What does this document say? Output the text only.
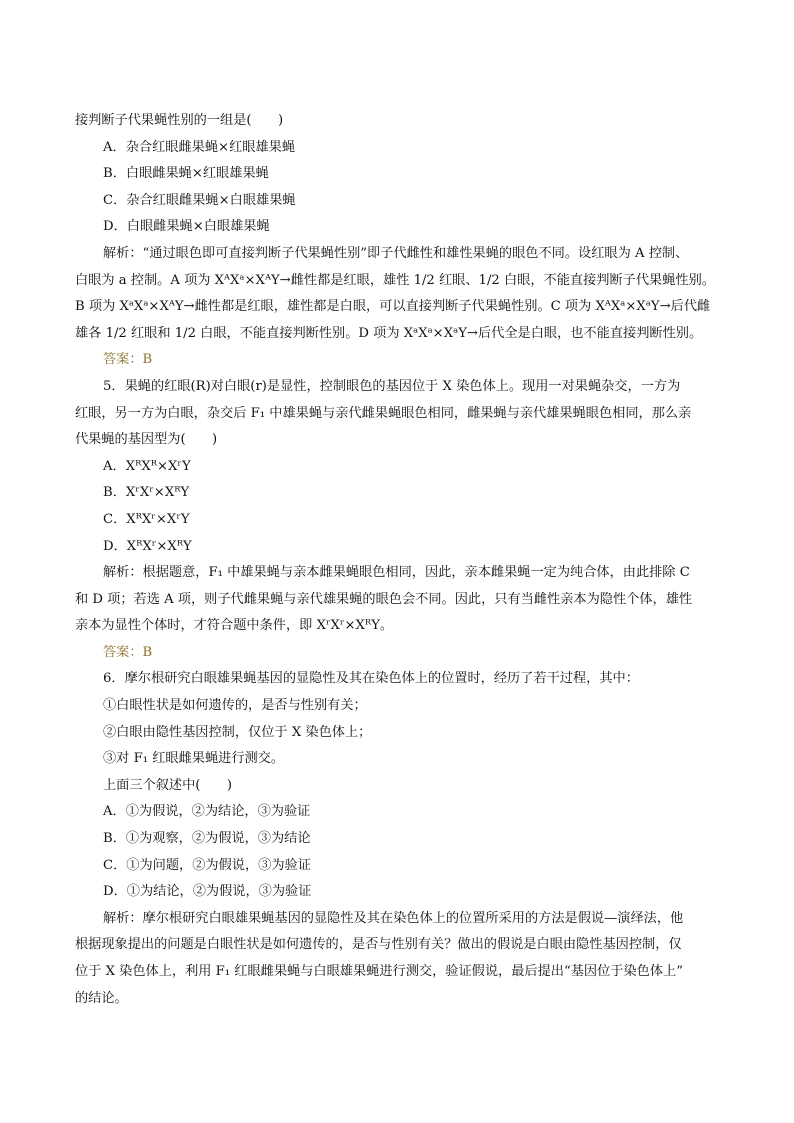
接判断子代果蝇性别的一组是(　　)
A．杂合红眼雌果蝇×红眼雄果蝇
B．白眼雌果蝇×红眼雄果蝇
C．杂合红眼雌果蝇×白眼雄果蝇
D．白眼雌果蝇×白眼雄果蝇
解析：“通过眼色即可直接判断子代果蝇性别”即子代雌性和雄性果蝇的眼色不同。设红眼为 A 控制、
白眼为 a 控制。A 项为 XᴬXᵃ×XᴬY→雌性都是红眼，雄性 1/2 红眼、1/2 白眼，不能直接判断子代果蝇性别。
B 项为 XᵃXᵃ×XᴬY→雌性都是红眼，雄性都是白眼，可以直接判断子代果蝇性别。C 项为 XᴬXᵃ×XᵃY→后代雌
雄各 1/2 红眼和 1/2 白眼，不能直接判断性别。D 项为 XᵃXᵃ×XᵃY→后代全是白眼，也不能直接判断性别。
答案：B
5．果蝇的红眼(R)对白眼(r)是显性，控制眼色的基因位于 X 染色体上。现用一对果蝇杂交，一方为
红眼，另一方为白眼，杂交后 F₁ 中雄果蝇与亲代雌果蝇眼色相同，雌果蝇与亲代雄果蝇眼色相同，那么亲
代果蝇的基因型为(　　)
A．XᴿXᴿ×XʳY
B．XʳXʳ×XᴿY
C．XᴿXʳ×XʳY
D．XᴿXʳ×XᴿY
解析：根据题意，F₁ 中雄果蝇与亲本雌果蝇眼色相同，因此，亲本雌果蝇一定为纯合体，由此排除 C
和 D 项；若选 A 项，则子代雌果蝇与亲代雄果蝇的眼色会不同。因此，只有当雌性亲本为隐性个体，雄性
亲本为显性个体时，才符合题中条件，即 XʳXʳ×XᴿY。
答案：B
6．摩尔根研究白眼雄果蝇基因的显隐性及其在染色体上的位置时，经历了若干过程，其中：
①白眼性状是如何遗传的，是否与性别有关；
②白眼由隐性基因控制，仅位于 X 染色体上；
③对 F₁ 红眼雌果蝇进行测交。
上面三个叙述中(　　)
A．①为假说，②为结论，③为验证
B．①为观察，②为假说，③为结论
C．①为问题，②为假说，③为验证
D．①为结论，②为假说，③为验证
解析：摩尔根研究白眼雄果蝇基因的显隐性及其在染色体上的位置所采用的方法是假说—演绎法，他
根据现象提出的问题是白眼性状是如何遗传的，是否与性别有关？做出的假说是白眼由隐性基因控制，仅
位于 X 染色体上，利用 F₁ 红眼雌果蝇与白眼雄果蝇进行测交，验证假说，最后提出“基因位于染色体上”
的结论。
